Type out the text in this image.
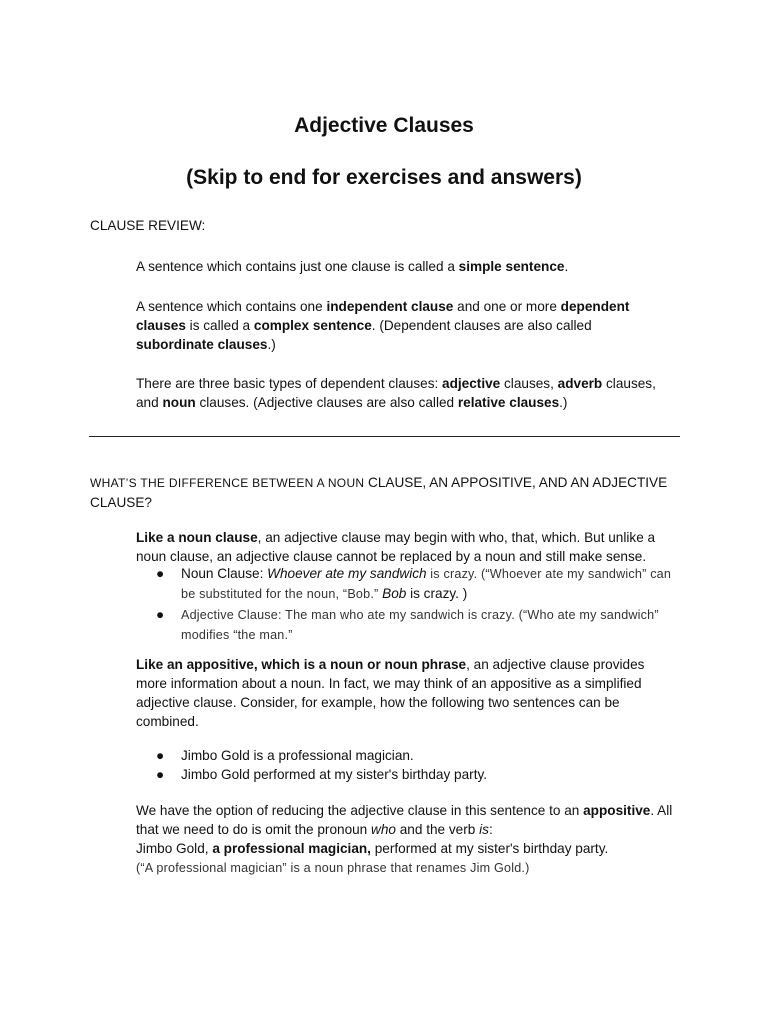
Adjective Clauses
(Skip to end for exercises and answers)

CLAUSE REVIEW:

A sentence which contains just one clause is called a simple sentence.

A sentence which contains one independent clause and one or more dependent clauses is called a complex sentence. (Dependent clauses are also called
subordinate clauses.)

There are three basic types of dependent clauses: adjective clauses, adverb clauses, and noun clauses. (Adjective clauses are also called relative clauses.)

WHAT’S THE DIFFERENCE BETWEEN A NOUN CLAUSE, AN APPOSITIVE, AND AN ADJECTIVE CLAUSE?

Like a noun clause, an adjective clause may begin with who, that, which. But unlike a noun clause, an adjective clause cannot be replaced by a noun and still make sense.

● Noun Clause: Whoever ate my sandwich is crazy. (“Whoever ate my sandwich” can be substituted for the noun, “Bob.” Bob is crazy. )
● Adjective Clause: The man who ate my sandwich is crazy. (“Who ate my sandwich” modifies “the man.”

Like an appositive, which is a noun or noun phrase, an adjective clause provides more information about a noun. In fact, we may think of an appositive as a simplified adjective clause. Consider, for example, how the following two sentences can be combined.

● Jimbo Gold is a professional magician.
● Jimbo Gold performed at my sister's birthday party.

We have the option of reducing the adjective clause in this sentence to an appositive. All that we need to do is omit the pronoun who and the verb is:
Jimbo Gold, a professional magician, performed at my sister's birthday party.
(“A professional magician” is a noun phrase that renames Jim Gold.)
